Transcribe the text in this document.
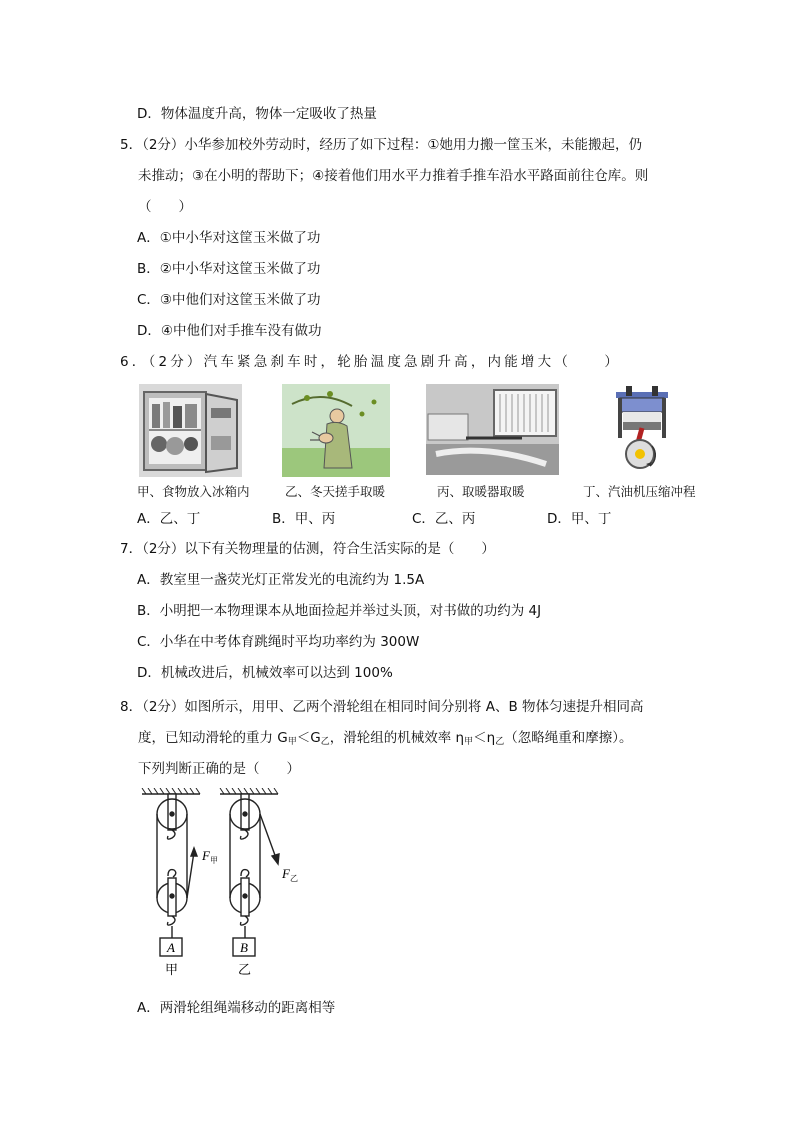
D．物体温度升高，物体一定吸收了热量
5．（2分）小华参加校外劳动时，经历了如下过程：①她用力搬一筐玉米，未能搬起，仍
未推动；③在小明的帮助下；④接着他们用水平力推着手推车沿水平路面前往仓库。则
（　　）
A．①中小华对这筐玉米做了功
B．②中小华对这筐玉米做了功
C．③中他们对这筐玉米做了功
D．④中他们对手推车没有做功
6．（2分）汽车紧急刹车时，轮胎温度急剧升高，内能增大（　　）
甲、食物放入冰箱内	乙、冬天搓手取暖	丙、取暖器取暖	丁、汽油机压缩冲程
A．乙、丁	B．甲、丙	C．乙、丙	D．甲、丁
7．（2分）以下有关物理量的估测，符合生活实际的是（　　）
A．教室里一盏荧光灯正常发光的电流约为 1.5A
B．小明把一本物理课本从地面捡起并举过头顶，对书做的功约为 4J
C．小华在中考体育跳绳时平均功率约为 300W
D．机械改进后，机械效率可以达到 100%
8．（2分）如图所示，用甲、乙两个滑轮组在相同时间分别将 A、B 物体匀速提升相同高
度，已知动滑轮的重力 $G_甲<G_乙$，滑轮组的机械效率 $\eta_甲<\eta_乙$（忽略绳重和摩擦）。
下列判断正确的是（　　）
A	B
甲	乙
$F_甲$
$F_乙$
A．两滑轮组绳端移动的距离相等
